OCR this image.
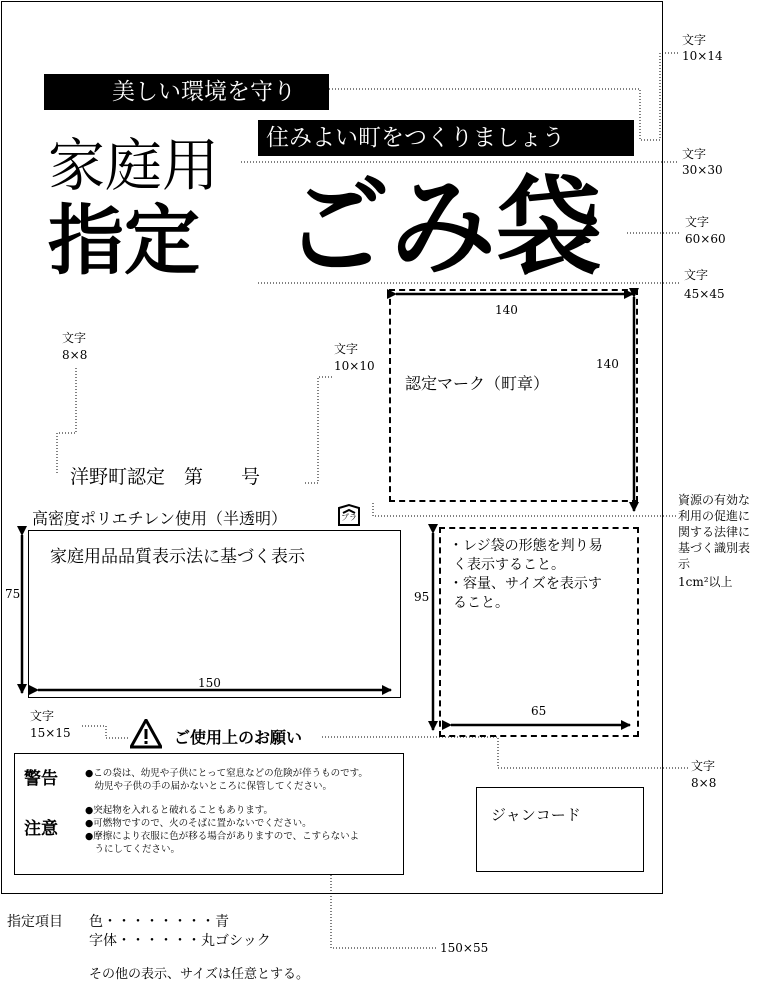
美しい環境を守り
住みよい町をつくりましょう
家庭用
指定 ごみ袋
洋野町認定　第　　号
認定マーク（町章）
140
140
高密度ポリエチレン使用（半透明）	プラ
家庭用品品質表示法に基づく表示
75
150
・レジ袋の形態を判り易
く表示すること。
・容量、サイズを表示す
ること。
95
65
ご使用上のお願い
警告	●この袋は、幼児や子供にとって窒息などの危険が伴うものです。
　幼児や子供の手の届かないところに保管してください。
注意
●突起物を入れると破れることもあります。
●可燃物ですので、火のそばに置かないでください。
●摩擦により衣服に色が移る場合がありますので、こすらないよ
　うにしてください。
ジャンコード
文字
10×14
文字
30×30
文字
60×60
文字
45×45
資源の有効な
利用の促進に
関する法律に
基づく識別表
示
1cm²以上
文字
8×8
文字
8×8	文字
10×10
文字
15×15
150×55
指定項目 色・・・・・・・・青
字体・・・・・・丸ゴシック
その他の表示、サイズは任意とする。
